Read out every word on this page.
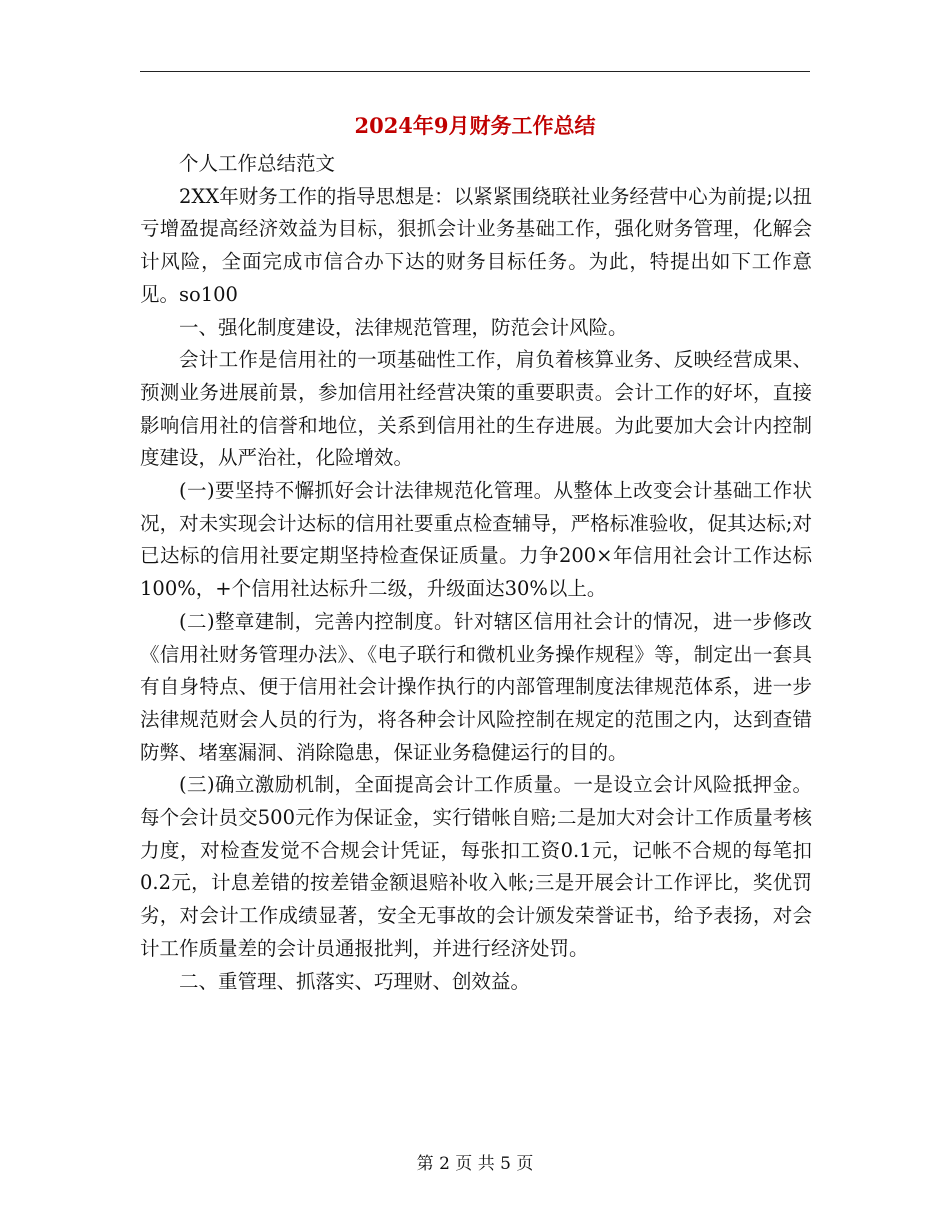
2024年9月财务工作总结

个人工作总结范文

2XX年财务工作的指导思想是：以紧紧围绕联社业务经营中心为前提;以扭亏增盈提高经济效益为目标，狠抓会计业务基础工作，强化财务管理，化解会计风险，全面完成市信合办下达的财务目标任务。为此，特提出如下工作意见。so100

一、强化制度建设，法律规范管理，防范会计风险。

会计工作是信用社的一项基础性工作，肩负着核算业务、反映经营成果、预测业务进展前景，参加信用社经营决策的重要职责。会计工作的好坏，直接影响信用社的信誉和地位，关系到信用社的生存进展。为此要加大会计内控制度建设，从严治社，化险增效。

(一)要坚持不懈抓好会计法律规范化管理。从整体上改变会计基础工作状况，对未实现会计达标的信用社要重点检查辅导，严格标准验收，促其达标;对已达标的信用社要定期坚持检查保证质量。力争200×年信用社会计工作达标100%，+个信用社达标升二级，升级面达30%以上。

(二)整章建制，完善内控制度。针对辖区信用社会计的情况，进一步修改《信用社财务管理办法》、《电子联行和微机业务操作规程》等，制定出一套具有自身特点、便于信用社会计操作执行的内部管理制度法律规范体系，进一步法律规范财会人员的行为，将各种会计风险控制在规定的范围之内，达到查错防弊、堵塞漏洞、消除隐患，保证业务稳健运行的目的。

(三)确立激励机制，全面提高会计工作质量。一是设立会计风险抵押金。每个会计员交500元作为保证金，实行错帐自赔;二是加大对会计工作质量考核力度，对检查发觉不合规会计凭证，每张扣工资0.1元，记帐不合规的每笔扣0.2元，计息差错的按差错金额退赔补收入帐;三是开展会计工作评比，奖优罚劣，对会计工作成绩显著，安全无事故的会计颁发荣誉证书，给予表扬，对会计工作质量差的会计员通报批判，并进行经济处罚。

二、重管理、抓落实、巧理财、创效益。

第 2 页 共 5 页
